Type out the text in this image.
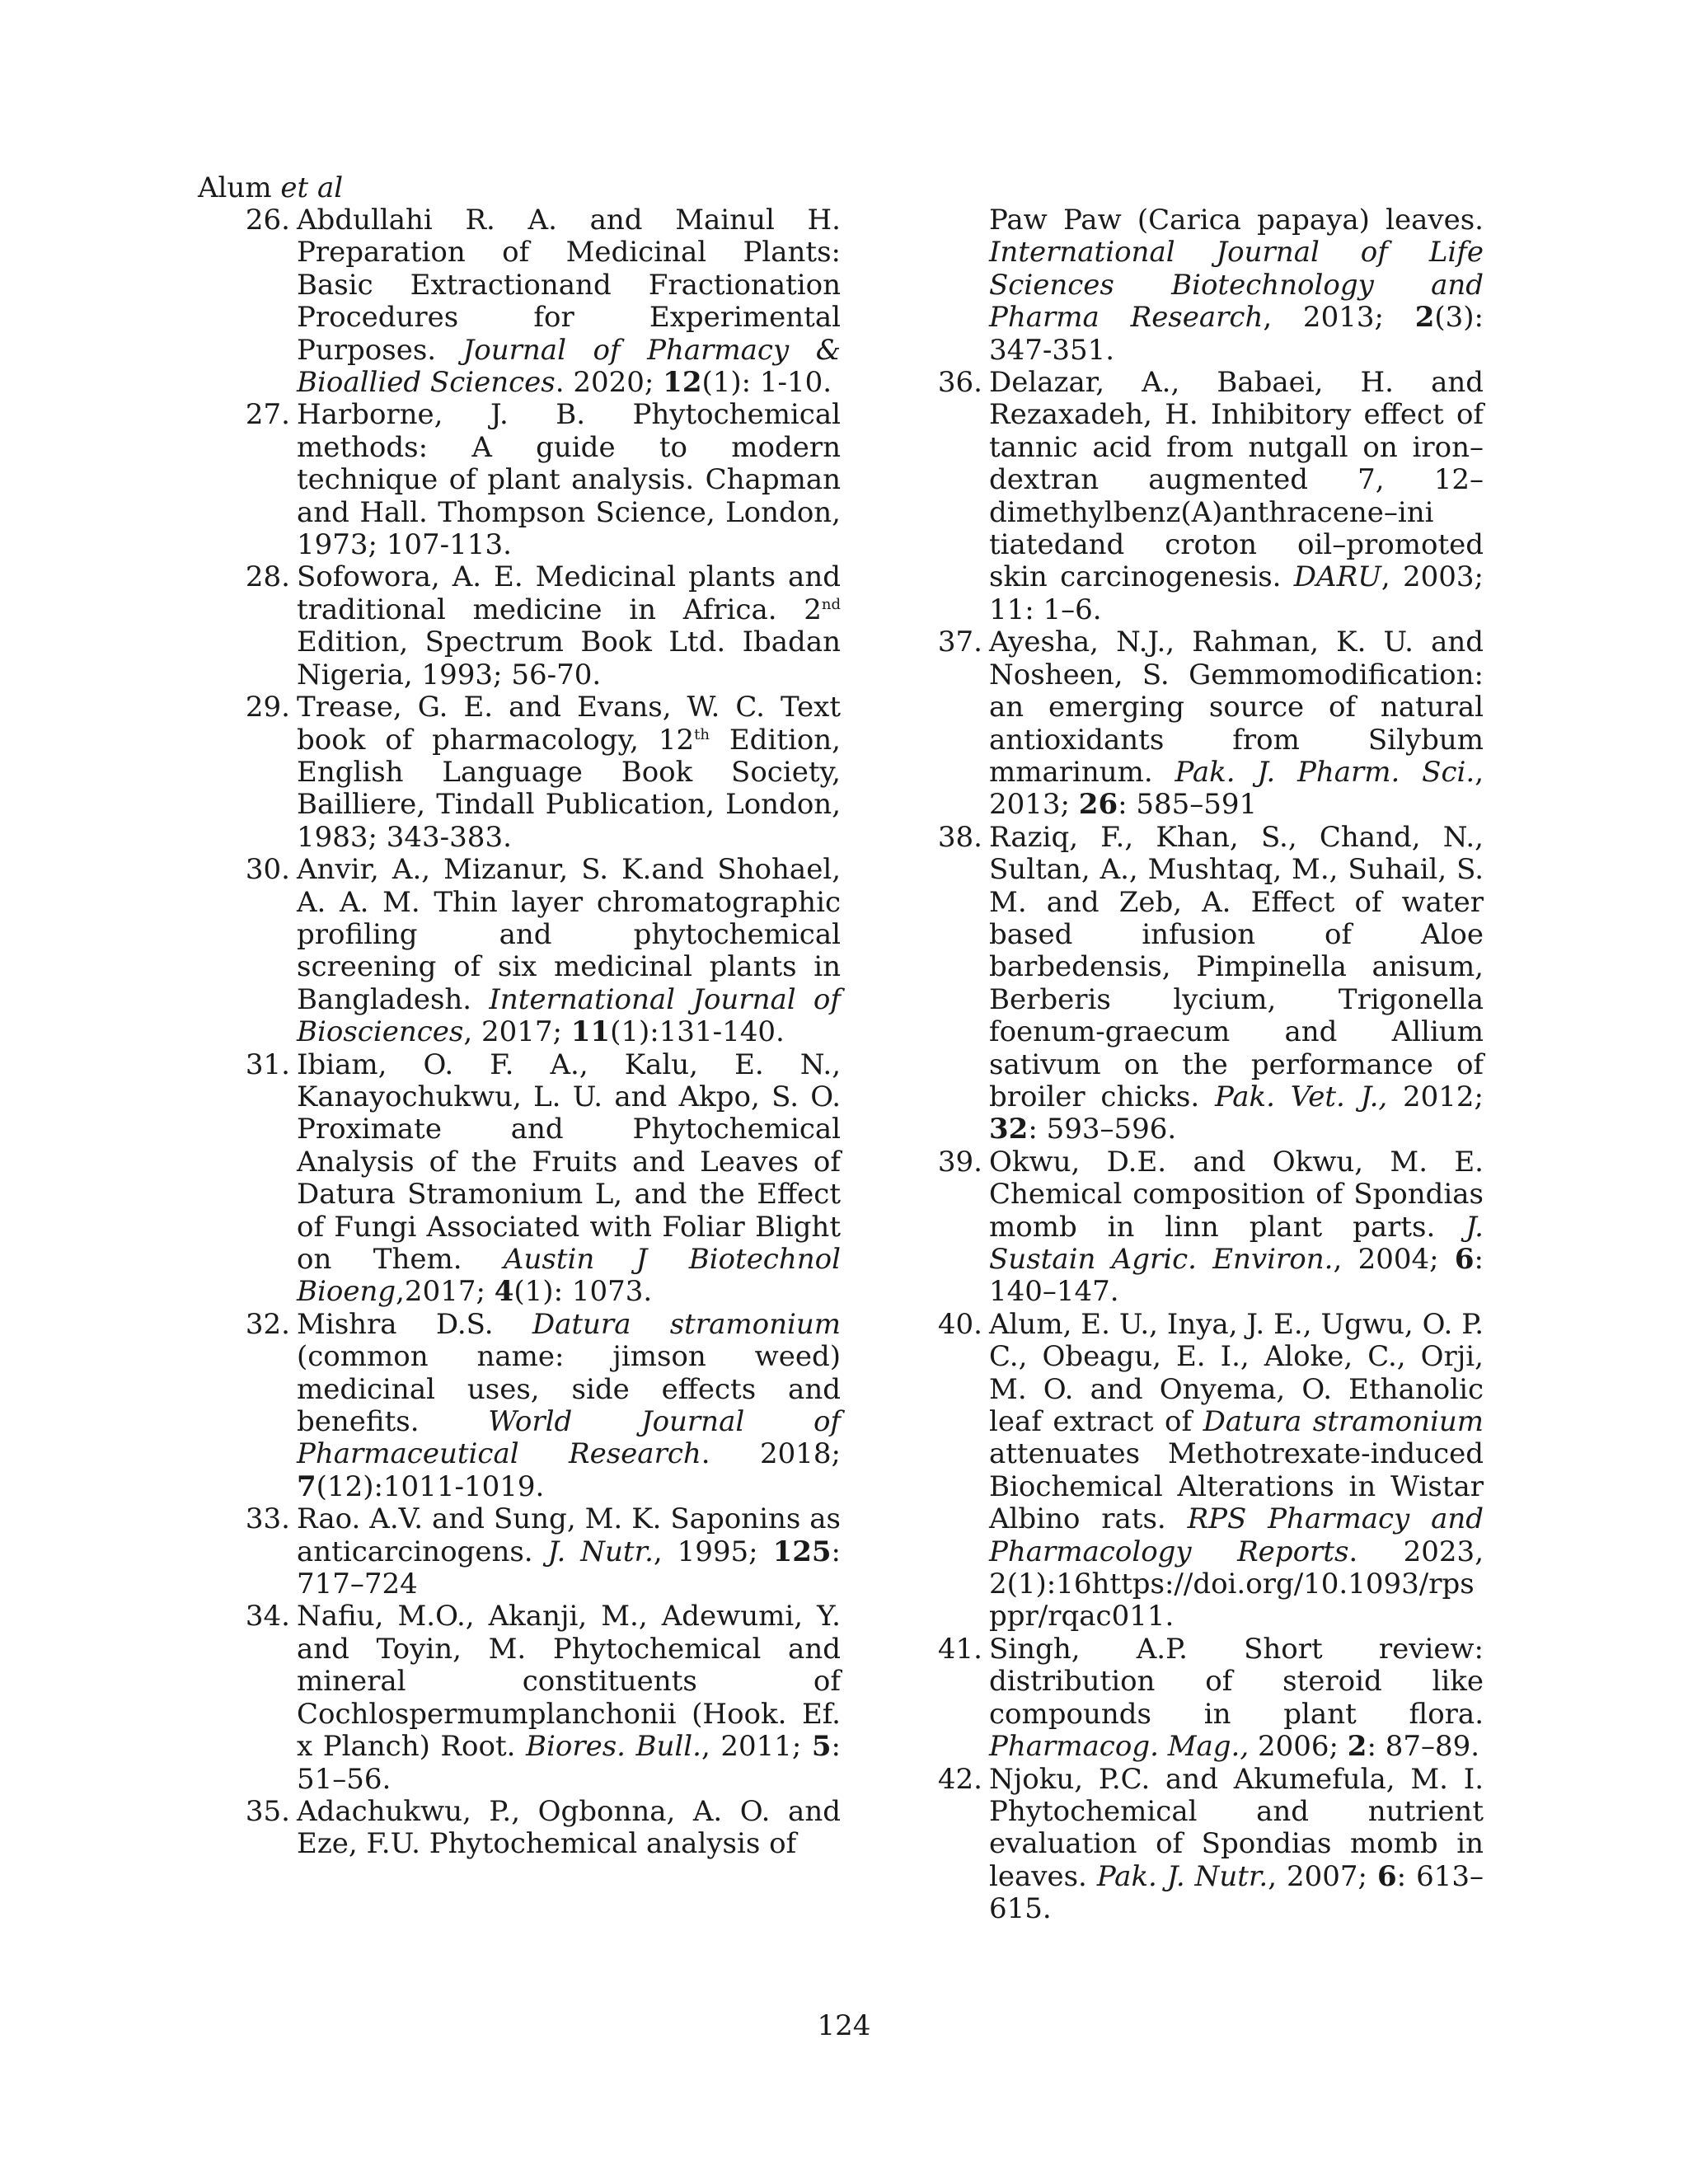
Alum et al
26. Abdullahi R. A. and Mainul H. Preparation of Medicinal Plants: Basic Extractionand Fractionation Procedures for Experimental Purposes. Journal of Pharmacy & Bioallied Sciences. 2020; 12(1): 1-10.
27. Harborne, J. B. Phytochemical methods: A guide to modern technique of plant analysis. Chapman and Hall. Thompson Science, London, 1973; 107-113.
28. Sofowora, A. E. Medicinal plants and traditional medicine in Africa. 2nd Edition, Spectrum Book Ltd. Ibadan Nigeria, 1993; 56-70.
29. Trease, G. E. and Evans, W. C. Text book of pharmacology, 12th Edition, English Language Book Society, Bailliere, Tindall Publication, London, 1983; 343-383.
30. Anvir, A., Mizanur, S. K.and Shohael, A. A. M. Thin layer chromatographic profiling and phytochemical screening of six medicinal plants in Bangladesh. International Journal of Biosciences, 2017; 11(1):131-140.
31. Ibiam, O. F. A., Kalu, E. N., Kanayochukwu, L. U. and Akpo, S. O. Proximate and Phytochemical Analysis of the Fruits and Leaves of Datura Stramonium L, and the Effect of Fungi Associated with Foliar Blight on Them. Austin J Biotechnol Bioeng,2017; 4(1): 1073.
32. Mishra D.S. Datura stramonium (common name: jimson weed) medicinal uses, side effects and benefits. World Journal of Pharmaceutical Research. 2018; 7(12):1011-1019.
33. Rao. A.V. and Sung, M. K. Saponins as anticarcinogens. J. Nutr., 1995; 125: 717–724
34. Nafiu, M.O., Akanji, M., Adewumi, Y. and Toyin, M. Phytochemical and mineral constituents of Cochlospermumplanchonii (Hook. Ef. x Planch) Root. Biores. Bull., 2011; 5: 51–56.
35. Adachukwu, P., Ogbonna, A. O. and Eze, F.U. Phytochemical analysis of
Paw Paw (Carica papaya) leaves. International Journal of Life Sciences Biotechnology and Pharma Research, 2013; 2(3): 347-351.
36. Delazar, A., Babaei, H. and Rezaxadeh, H. Inhibitory effect of tannic acid from nutgall on iron–dextran augmented 7, 12–dimethylbenz(A)anthracene–ini tiatedand croton oil–promoted skin carcinogenesis. DARU, 2003; 11: 1–6.
37. Ayesha, N.J., Rahman, K. U. and Nosheen, S. Gemmomodification: an emerging source of natural antioxidants from Silybum mmarinum. Pak. J. Pharm. Sci., 2013; 26: 585–591
38. Raziq, F., Khan, S., Chand, N., Sultan, A., Mushtaq, M., Suhail, S. M. and Zeb, A. Effect of water based infusion of Aloe barbedensis, Pimpinella anisum, Berberis lycium, Trigonella foenum-graecum and Allium sativum on the performance of broiler chicks. Pak. Vet. J., 2012; 32: 593–596.
39. Okwu, D.E. and Okwu, M. E. Chemical composition of Spondias momb in linn plant parts. J. Sustain Agric. Environ., 2004; 6: 140–147.
40. Alum, E. U., Inya, J. E., Ugwu, O. P. C., Obeagu, E. I., Aloke, C., Orji, M. O. and Onyema, O. Ethanolic leaf extract of Datura stramonium attenuates Methotrexate-induced Biochemical Alterations in Wistar Albino rats. RPS Pharmacy and Pharmacology Reports. 2023, 2(1):16https://doi.org/10.1093/rps ppr/rqac011.
41. Singh, A.P. Short review: distribution of steroid like compounds in plant flora. Pharmacog. Mag., 2006; 2: 87–89.
42. Njoku, P.C. and Akumefula, M. I. Phytochemical and nutrient evaluation of Spondias momb in leaves. Pak. J. Nutr., 2007; 6: 613–615.
124
